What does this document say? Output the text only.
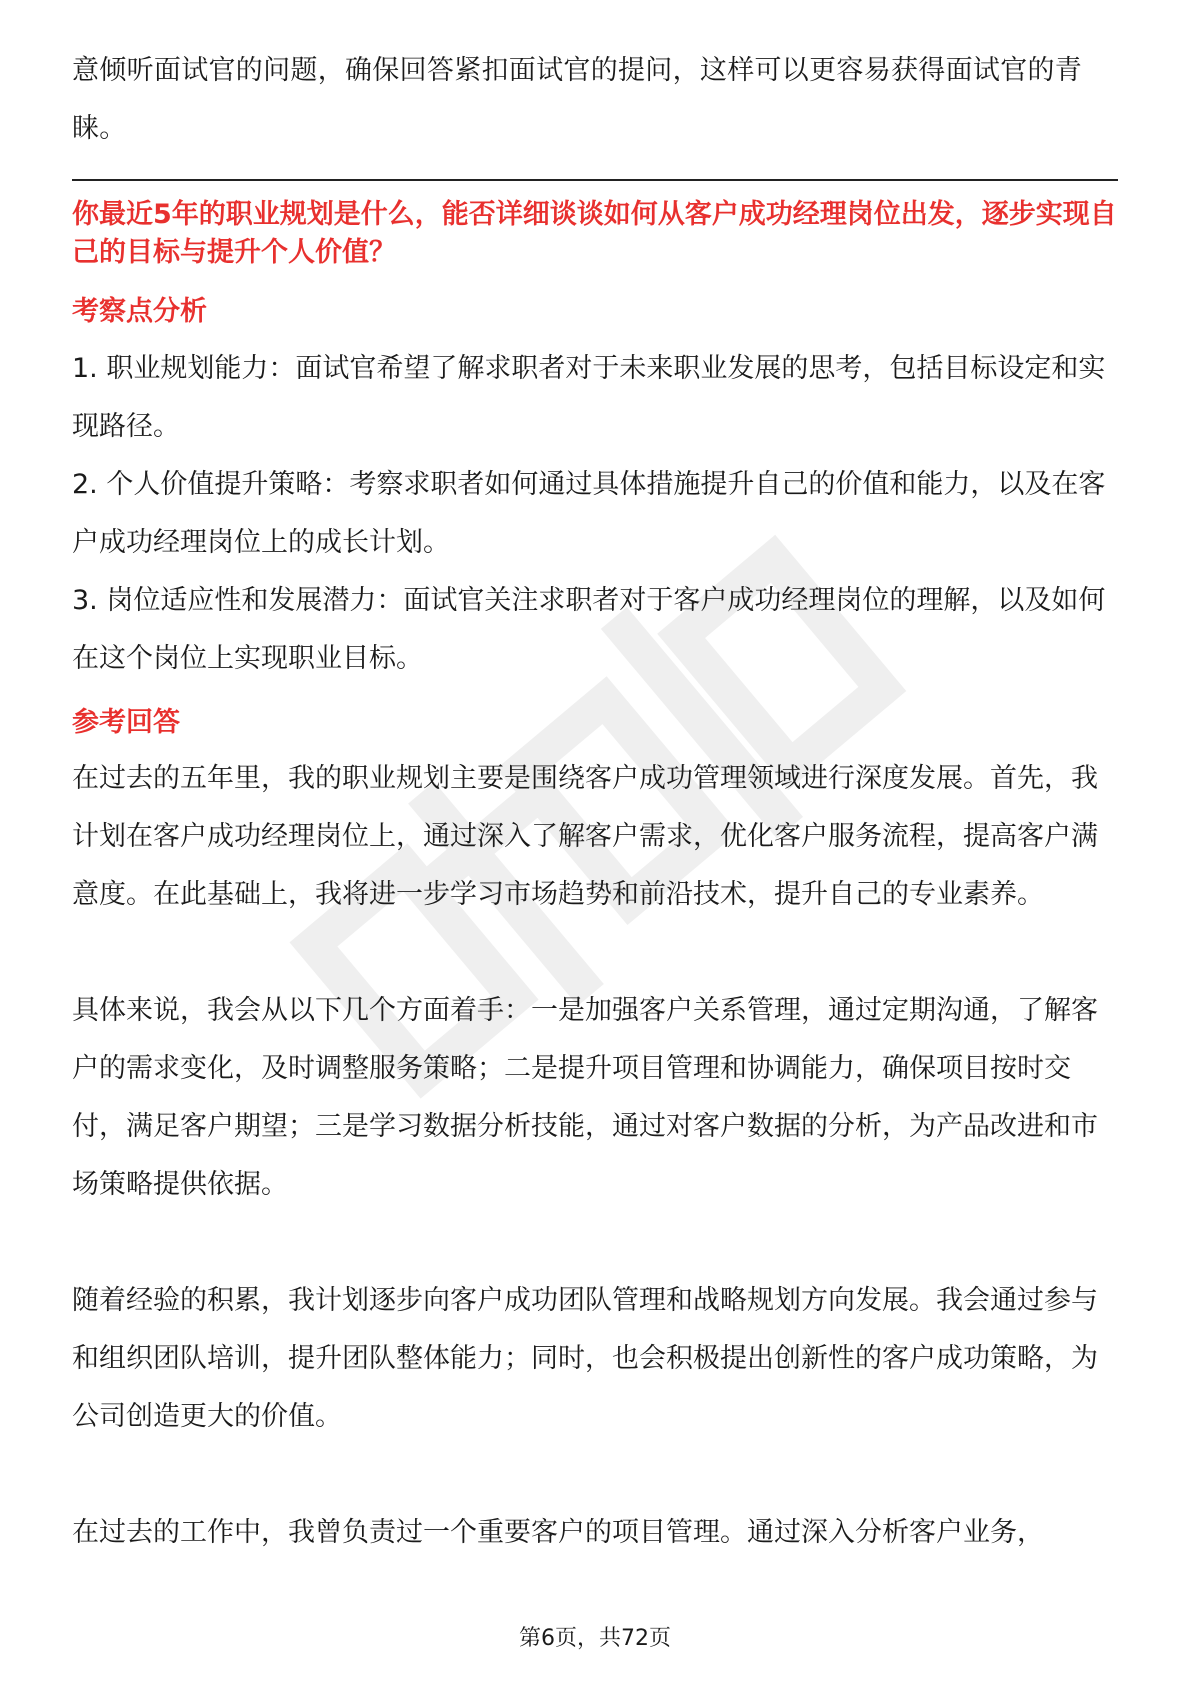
意倾听面试官的问题，确保回答紧扣面试官的提问，这样可以更容易获得面试官的青睐。

你最近5年的职业规划是什么，能否详细谈谈如何从客户成功经理岗位出发，逐步实现自己的目标与提升个人价值？

考察点分析
1. 职业规划能力：面试官希望了解求职者对于未来职业发展的思考，包括目标设定和实现路径。
2. 个人价值提升策略：考察求职者如何通过具体措施提升自己的价值和能力，以及在客户成功经理岗位上的成长计划。
3. 岗位适应性和发展潜力：面试官关注求职者对于客户成功经理岗位的理解，以及如何在这个岗位上实现职业目标。
参考回答

在过去的五年里，我的职业规划主要是围绕客户成功管理领域进行深度发展。首先，我计划在客户成功经理岗位上，通过深入了解客户需求，优化客户服务流程，提高客户满意度。在此基础上，我将进一步学习市场趋势和前沿技术，提升自己的专业素养。

具体来说，我会从以下几个方面着手：一是加强客户关系管理，通过定期沟通，了解客户的需求变化，及时调整服务策略；二是提升项目管理和协调能力，确保项目按时交付，满足客户期望；三是学习数据分析技能，通过对客户数据的分析，为产品改进和市场策略提供依据。

随着经验的积累，我计划逐步向客户成功团队管理和战略规划方向发展。我会通过参与和组织团队培训，提升团队整体能力；同时，也会积极提出创新性的客户成功策略，为公司创造更大的价值。

在过去的工作中，我曾负责过一个重要客户的项目管理。通过深入分析客户业务，

第6页，共72页
